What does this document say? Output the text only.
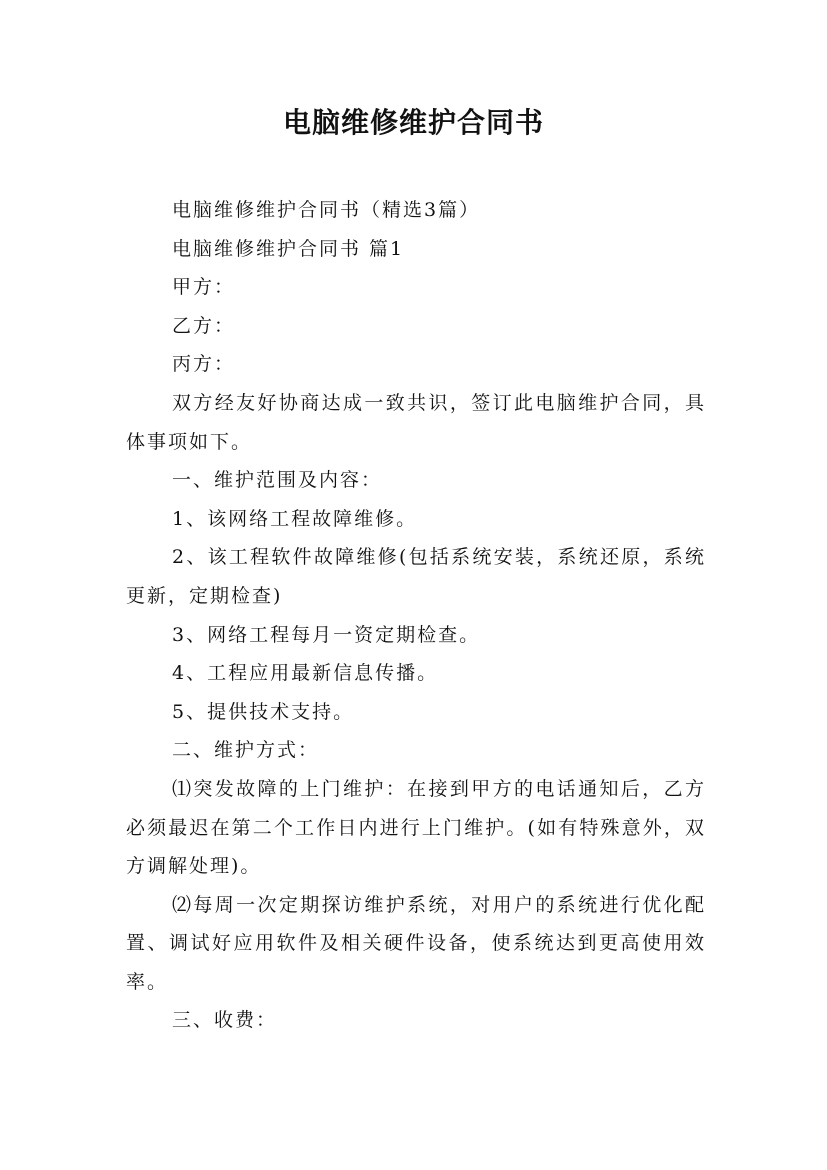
电脑维修维护合同书

电脑维修维护合同书（精选3篇）

电脑维修维护合同书 篇1

甲方：

乙方：

丙方：

双方经友好协商达成一致共识，签订此电脑维护合同，具体事项如下。

一、维护范围及内容：

1、该网络工程故障维修。

2、该工程软件故障维修(包括系统安装，系统还原，系统更新，定期检查)

3、网络工程每月一资定期检查。

4、工程应用最新信息传播。

5、提供技术支持。

二、维护方式：

⑴突发故障的上门维护：在接到甲方的电话通知后，乙方必须最迟在第二个工作日内进行上门维护。(如有特殊意外，双方调解处理)。

⑵每周一次定期探访维护系统，对用户的系统进行优化配置、调试好应用软件及相关硬件设备，使系统达到更高使用效率。

三、收费：
